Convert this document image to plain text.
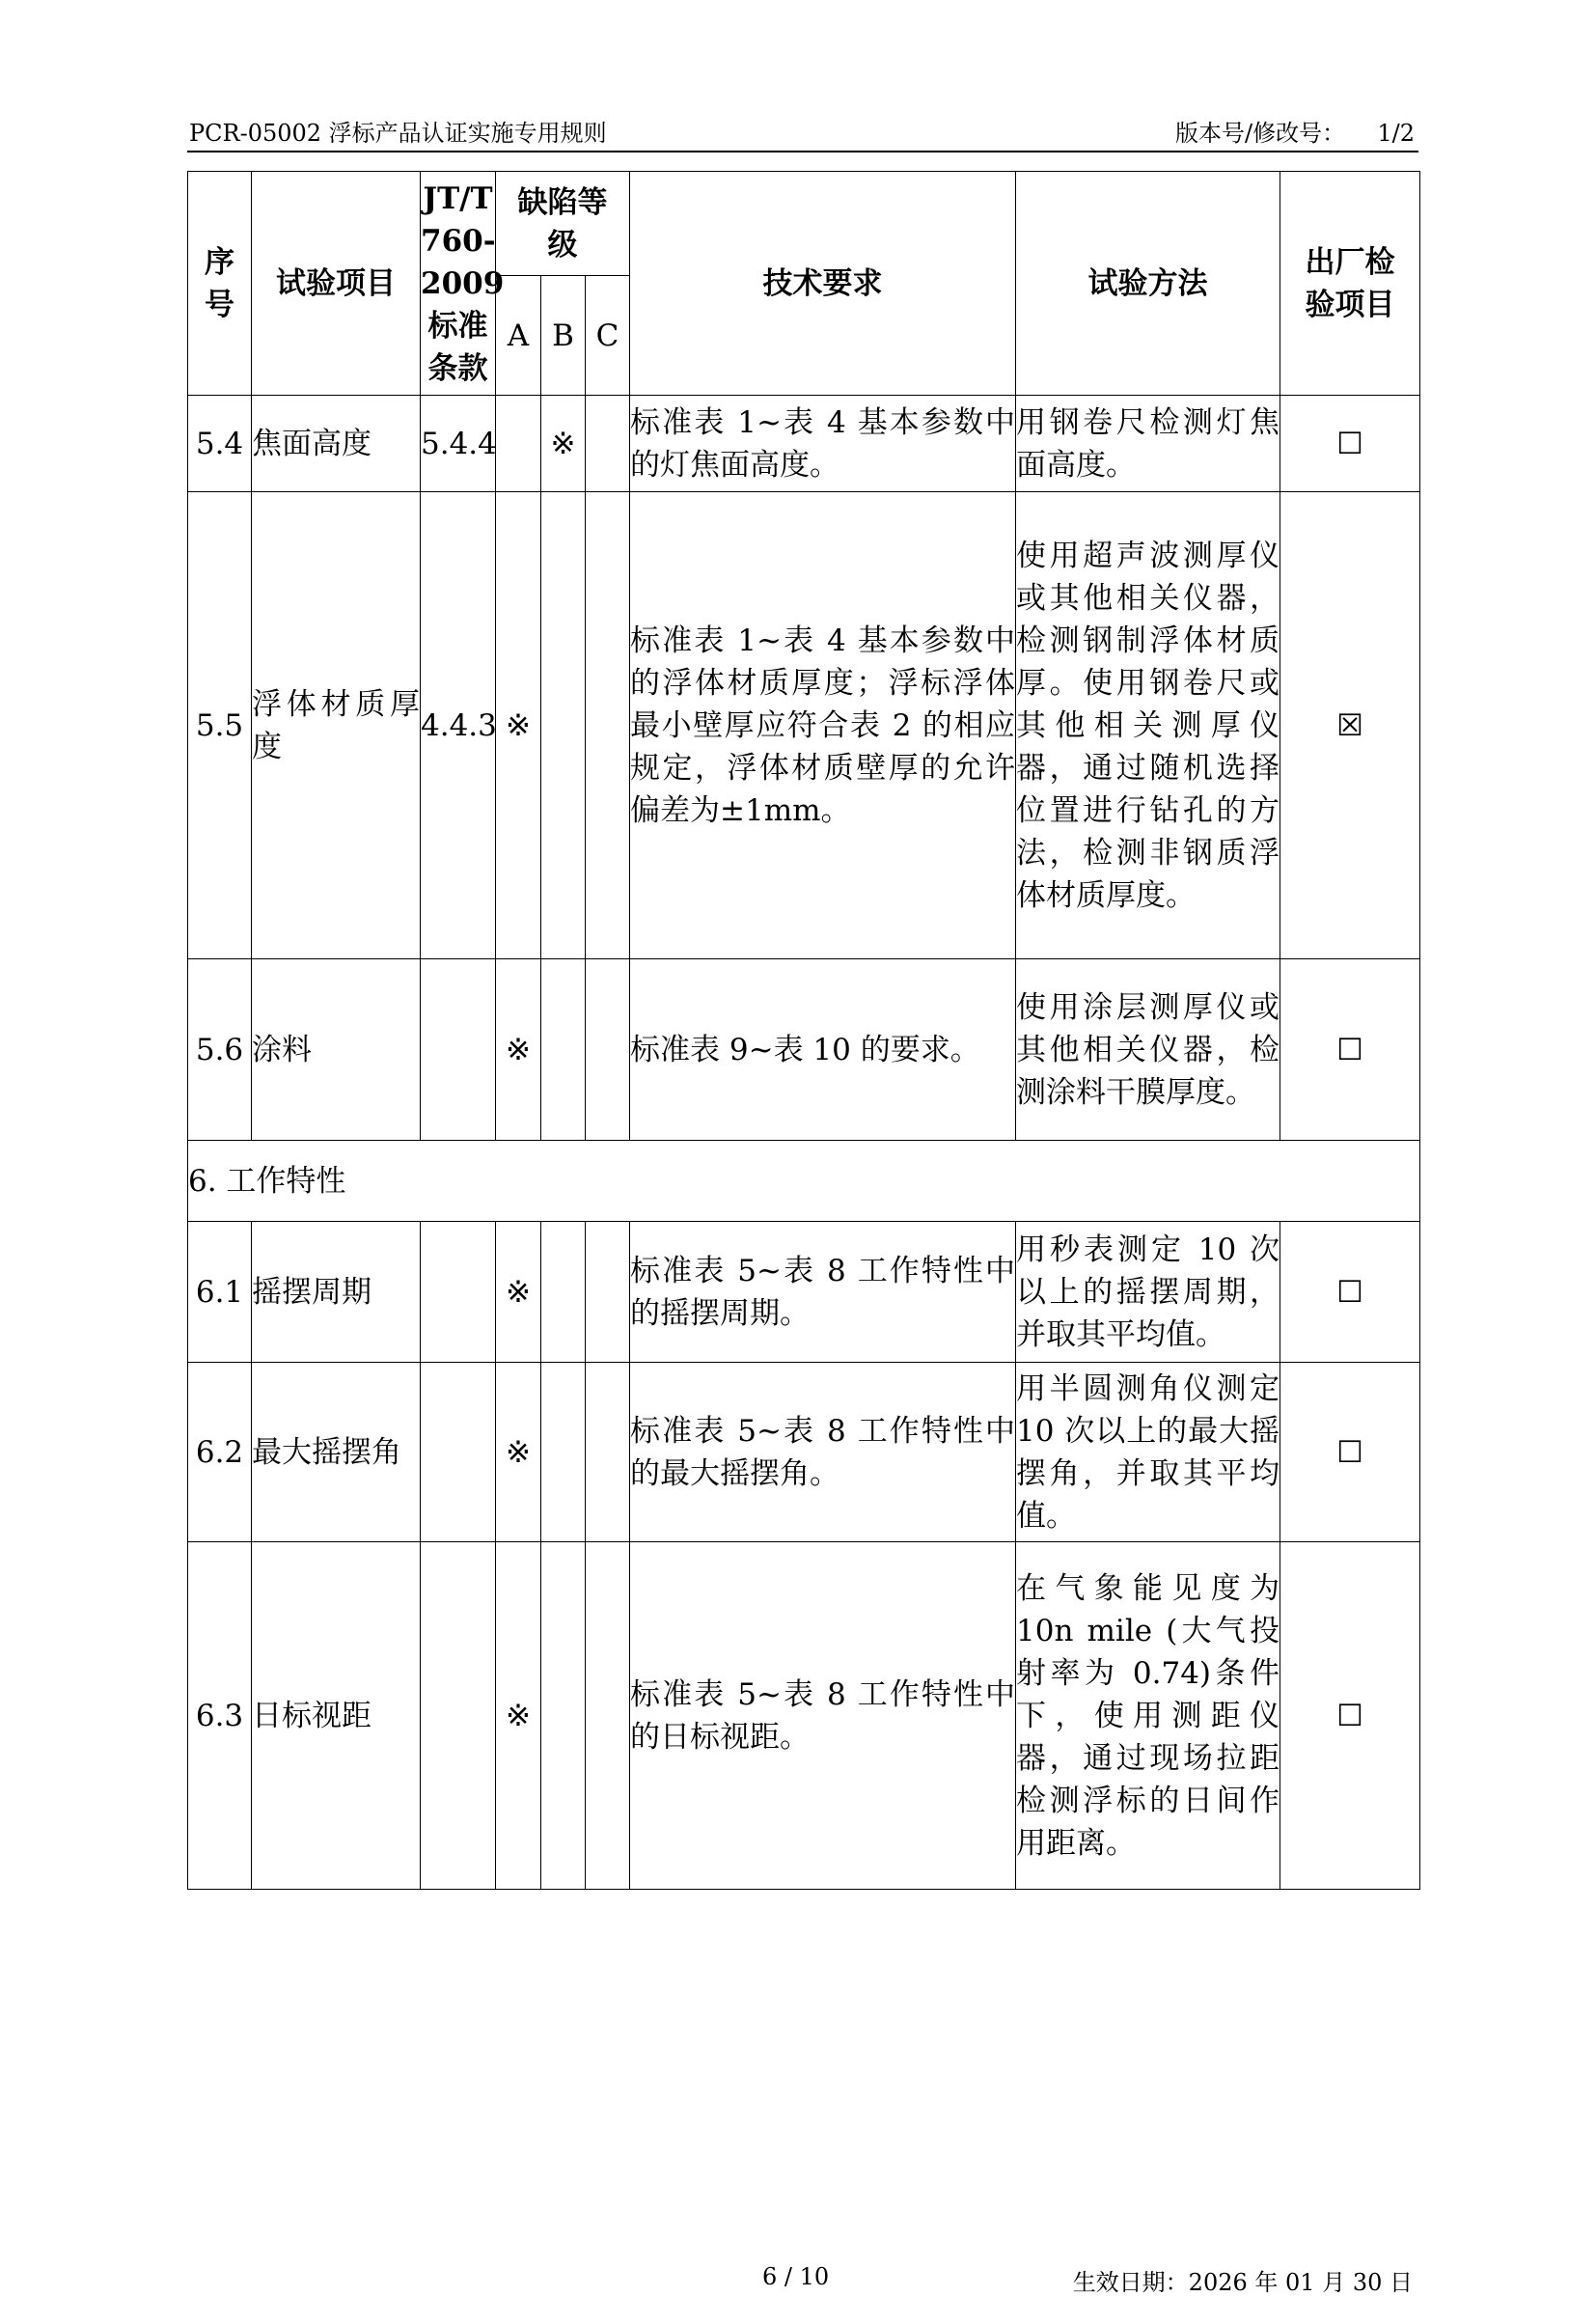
PCR-05002 浮标产品认证实施专用规则	版本号/修改号： 1/2
序号	试验项目	JT/T 760-2009 标准条款	缺陷等级			技术要求	试验方法	出厂检验项目
			A	B	C			
5.4	焦面高度	5.4.4		※		标准表 1~表 4 基本参数中的灯焦面高度。	用钢卷尺检测灯焦面高度。	☐
5.5	浮体材质厚度	4.4.3	※			标准表 1~表 4 基本参数中的浮体材质厚度；浮标浮体最小壁厚应符合表 2 的相应规定，浮体材质壁厚的允许偏差为±1mm。	使用超声波测厚仪或其他相关仪器，检测钢制浮体材质厚。使用钢卷尺或其他相关测厚仪器，通过随机选择位置进行钻孔的方法，检测非钢质浮体材质厚度。	☒
5.6	涂料		※			标准表 9~表 10 的要求。	使用涂层测厚仪或其他相关仪器，检测涂料干膜厚度。	☐
6. 工作特性								
6.1	摇摆周期		※			标准表 5~表 8 工作特性中的摇摆周期。	用秒表测定 10 次以上的摇摆周期，并取其平均值。	☐
6.2	最大摇摆角		※			标准表 5~表 8 工作特性中的最大摇摆角。	用半圆测角仪测定 10 次以上的最大摇摆角，并取其平均值。	☐
6.3	日标视距		※			标准表 5~表 8 工作特性中的日标视距。	在气象能见度为 10n mile (大气投射率为 0.74)条件下，使用测距仪器，通过现场拉距检测浮标的日间作用距离。	☐
6 / 10	生效日期：2026 年 01 月 30 日
